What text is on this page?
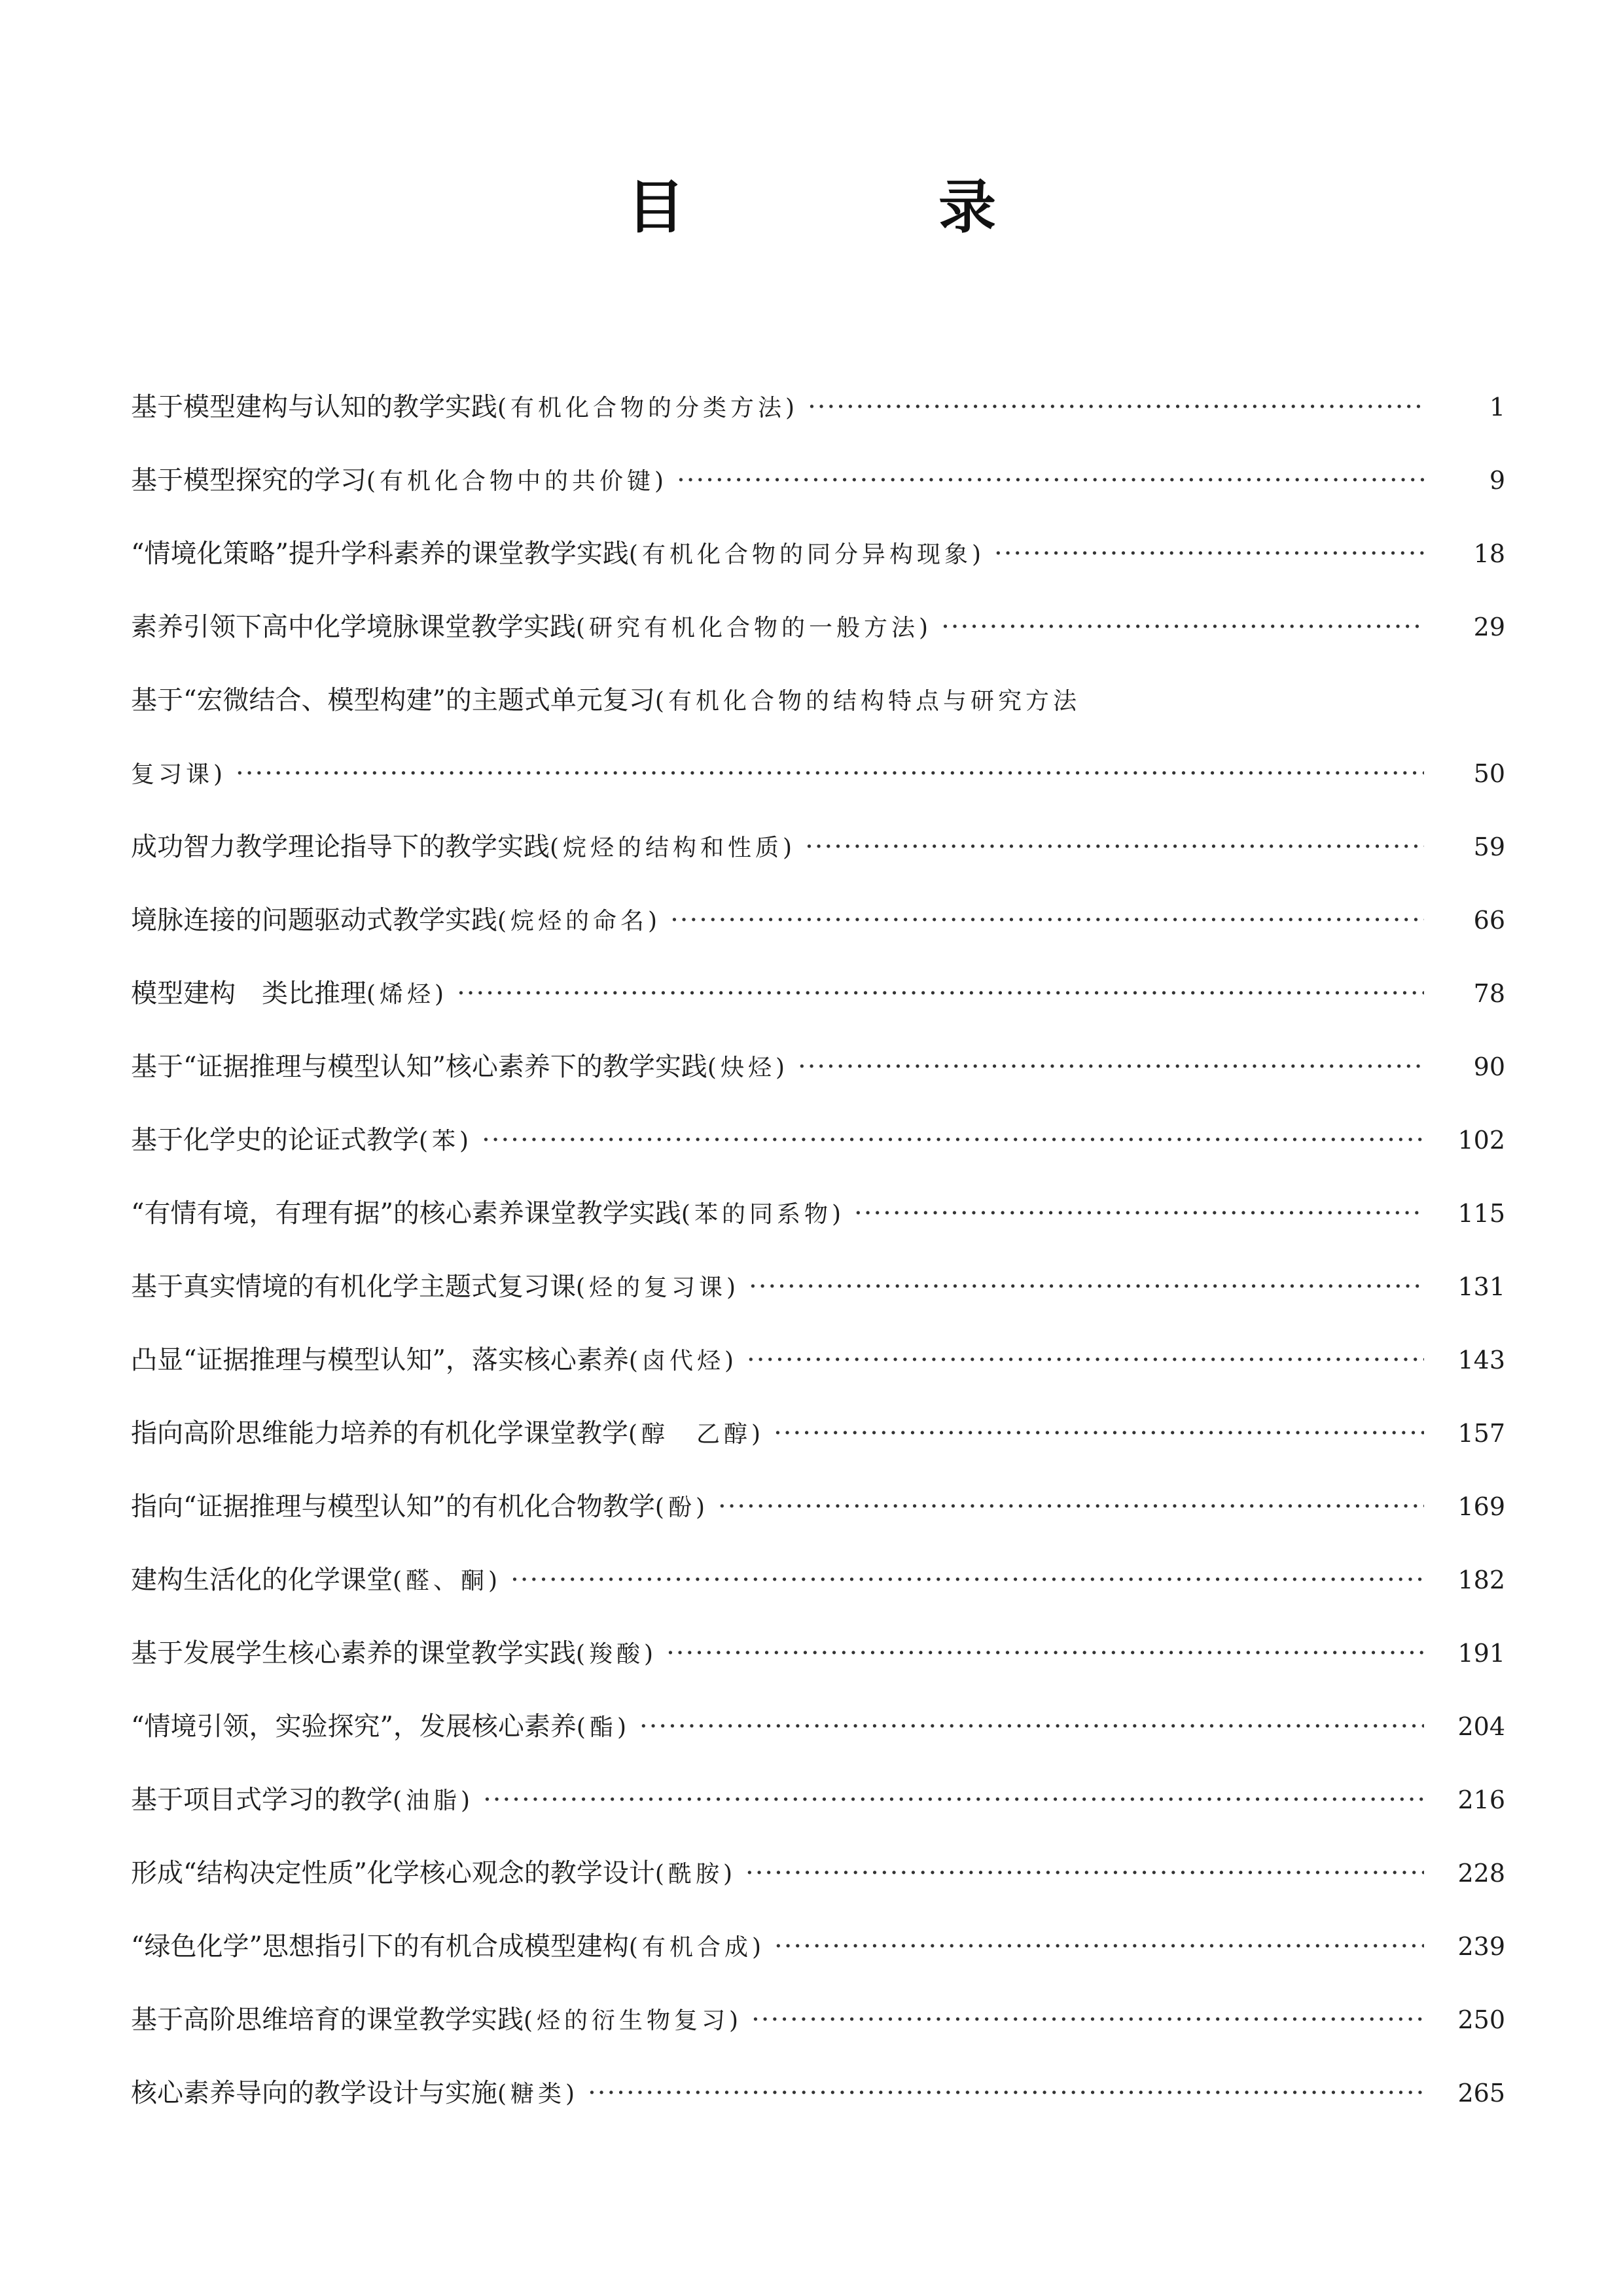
目　录
基于模型建构与认知的教学实践(有机化合物的分类方法) ·····	1
基于模型探究的学习(有机化合物中的共价键) ·····	9
“情境化策略”提升学科素养的课堂教学实践(有机化合物的同分异构现象) ·····	18
素养引领下高中化学境脉课堂教学实践(研究有机化合物的一般方法) ·····	29
基于“宏微结合、模型构建”的主题式单元复习(有机化合物的结构特点与研究方法
复习课) ·····	50
成功智力教学理论指导下的教学实践(烷烃的结构和性质) ·····	59
境脉连接的问题驱动式教学实践(烷烃的命名) ·····	66
模型建构　类比推理(烯烃) ·····	78
基于“证据推理与模型认知”核心素养下的教学实践(炔烃) ·····	90
基于化学史的论证式教学(苯) ·····	102
“有情有境，有理有据”的核心素养课堂教学实践(苯的同系物) ·····	115
基于真实情境的有机化学主题式复习课(烃的复习课) ·····	131
凸显“证据推理与模型认知”，落实核心素养(卤代烃) ·····	143
指向高阶思维能力培养的有机化学课堂教学(醇　乙醇) ·····	157
指向“证据推理与模型认知”的有机化合物教学(酚) ·····	169
建构生活化的化学课堂(醛、酮) ·····	182
基于发展学生核心素养的课堂教学实践(羧酸) ·····	191
“情境引领，实验探究”，发展核心素养(酯) ·····	204
基于项目式学习的教学(油脂) ·····	216
形成“结构决定性质”化学核心观念的教学设计(酰胺) ·····	228
“绿色化学”思想指引下的有机合成模型建构(有机合成) ·····	239
基于高阶思维培育的课堂教学实践(烃的衍生物复习) ·····	250
核心素养导向的教学设计与实施(糖类) ·····	265
